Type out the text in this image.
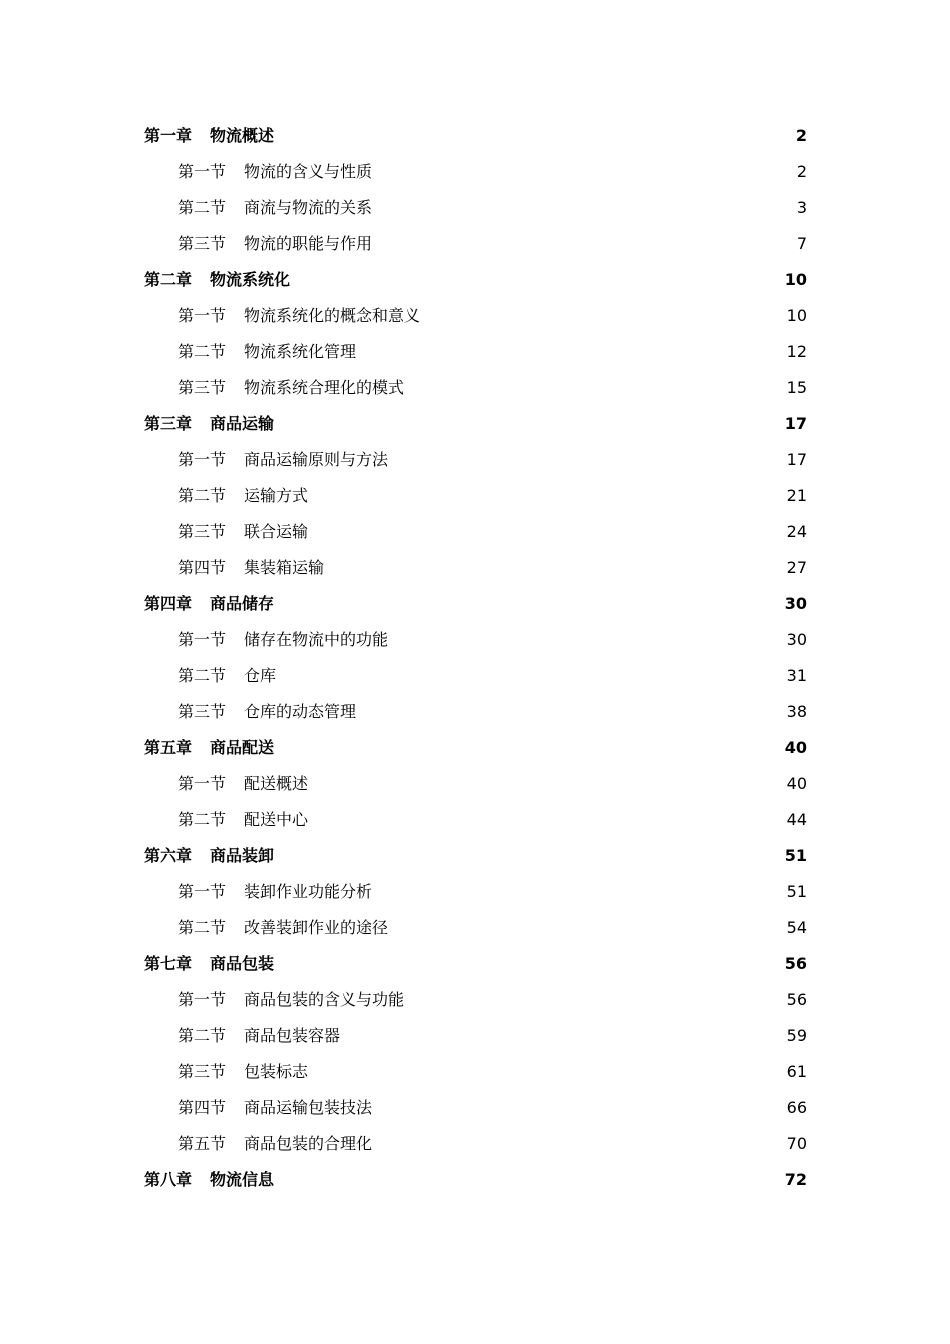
第一章 物流概述	2
第一节 物流的含义与性质	2
第二节 商流与物流的关系	3
第三节 物流的职能与作用	7
第二章 物流系统化	10
第一节 物流系统化的概念和意义	10
第二节 物流系统化管理	12
第三节 物流系统合理化的模式	15
第三章 商品运输	17
第一节 商品运输原则与方法	17
第二节 运输方式	21
第三节 联合运输	24
第四节 集装箱运输	27
第四章 商品储存	30
第一节 储存在物流中的功能	30
第二节 仓库	31
第三节 仓库的动态管理	38
第五章 商品配送	40
第一节 配送概述	40
第二节 配送中心	44
第六章 商品装卸	51
第一节 装卸作业功能分析	51
第二节 改善装卸作业的途径	54
第七章 商品包装	56
第一节 商品包装的含义与功能	56
第二节 商品包装容器	59
第三节 包装标志	61
第四节 商品运输包装技法	66
第五节 商品包装的合理化	70
第八章 物流信息	72
